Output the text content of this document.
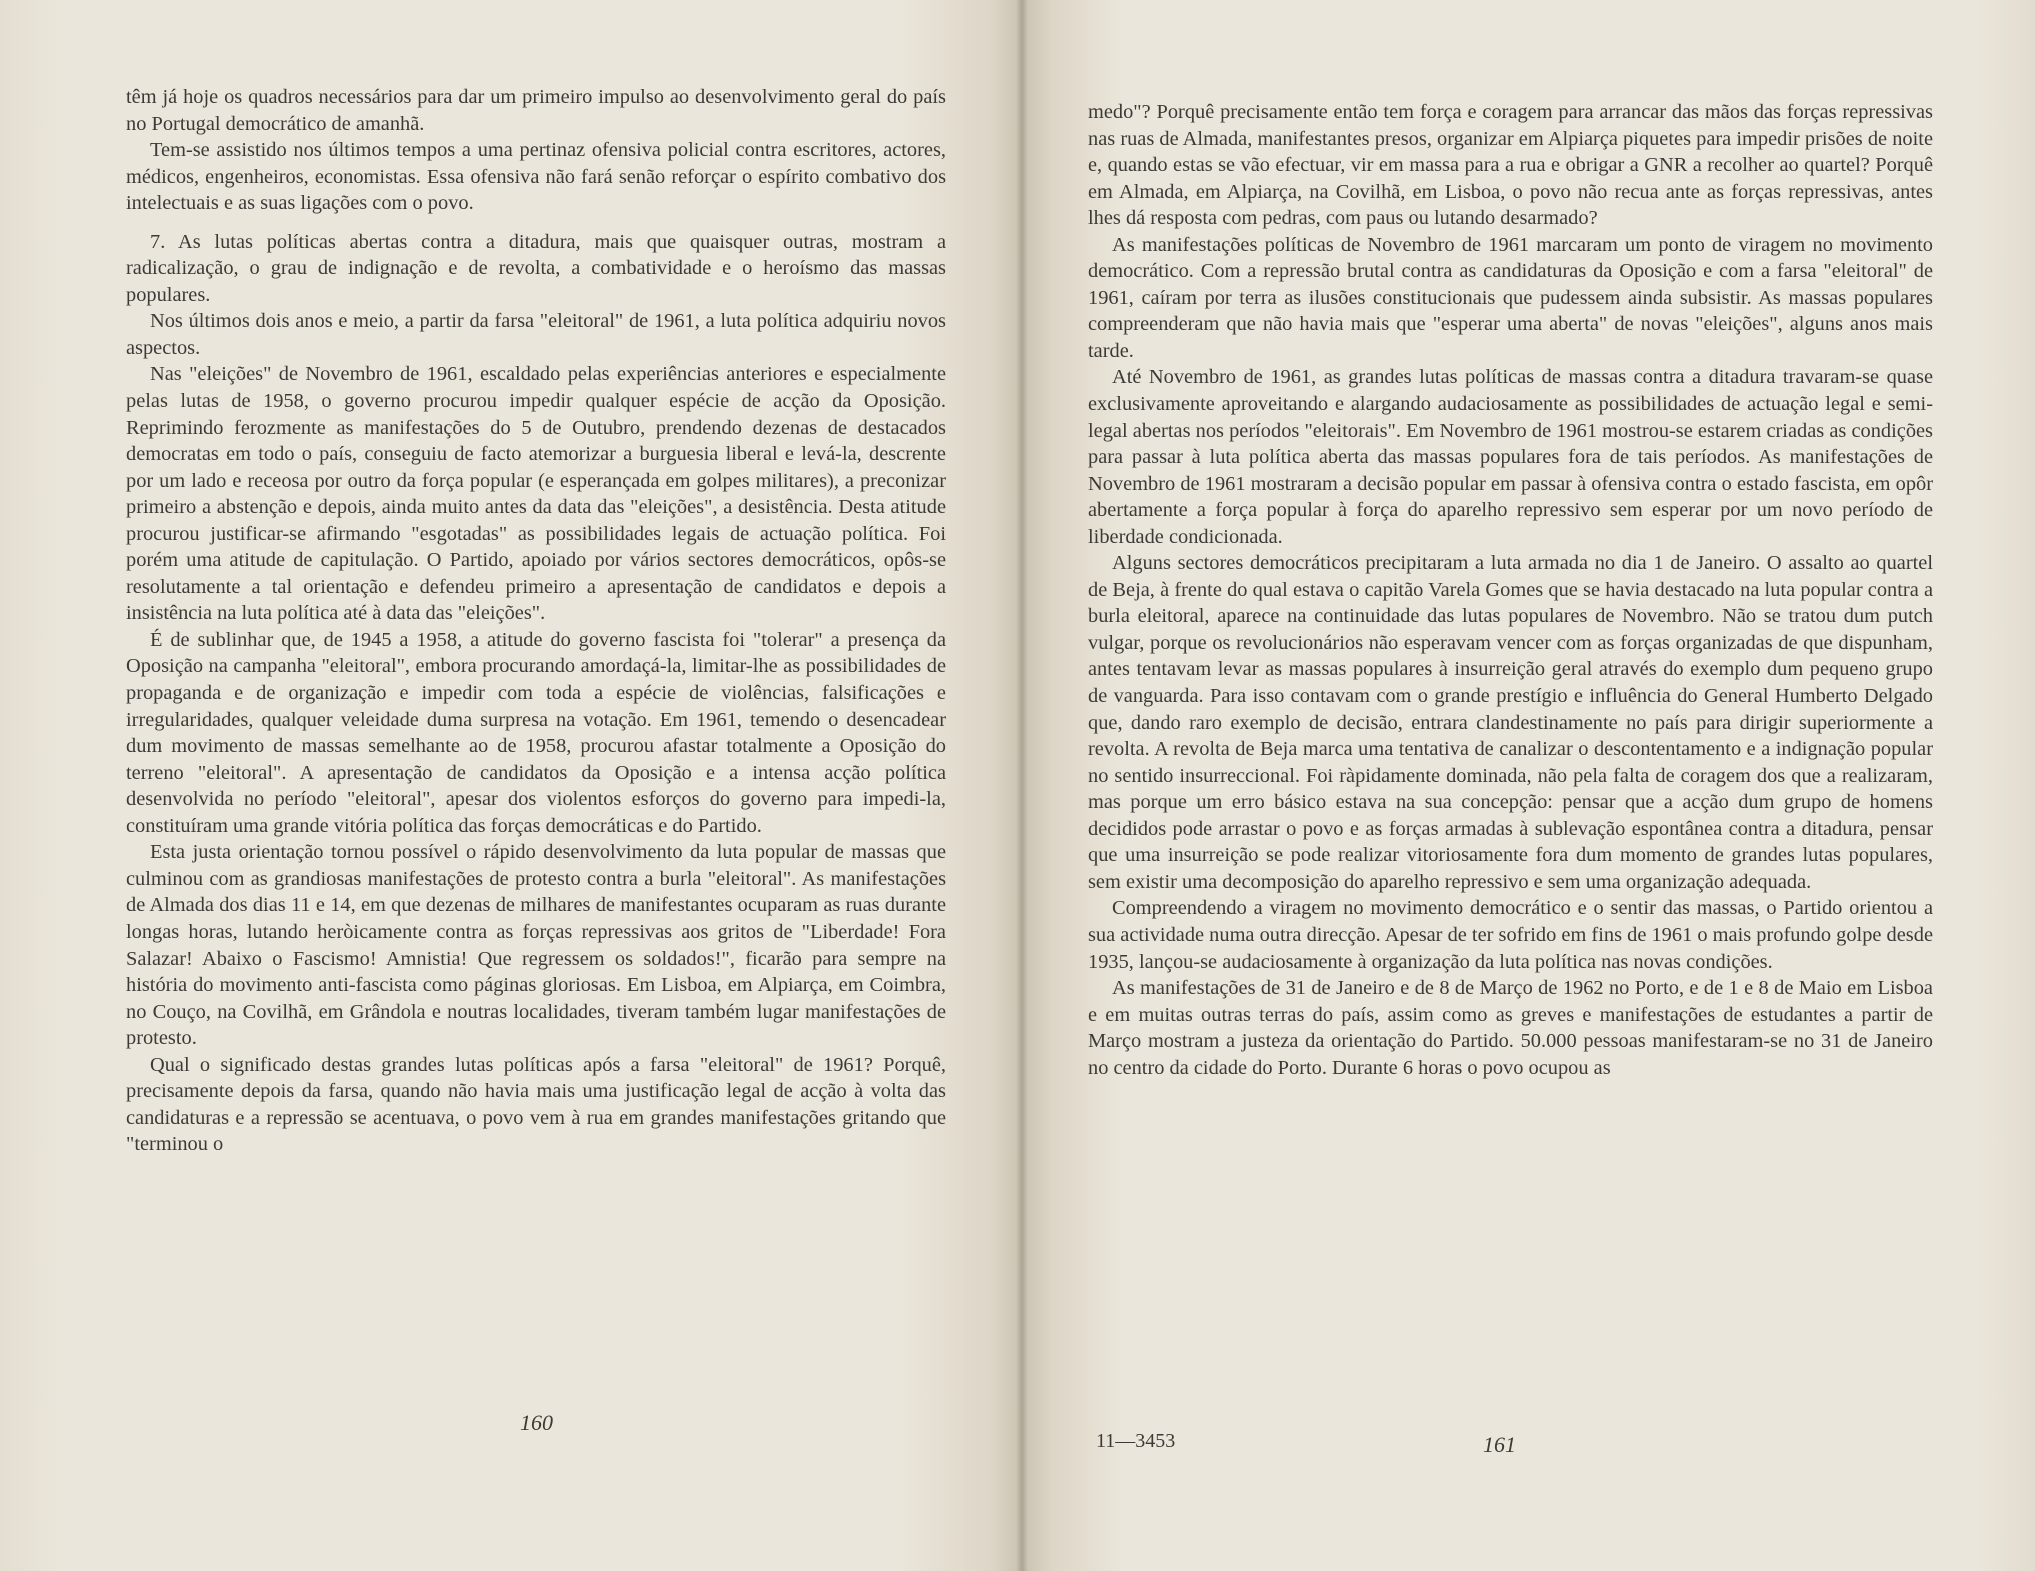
têm já hoje os quadros necessários para dar um primeiro impulso ao desenvolvimento geral do país no Portugal democrático de amanhã.

Tem-se assistido nos últimos tempos a uma pertinaz ofensiva policial contra escritores, actores, médicos, engenheiros, economistas. Essa ofensiva não fará senão reforçar o espírito combativo dos intelectuais e as suas ligações com o povo.

7. As lutas políticas abertas contra a ditadura, mais que quaisquer outras, mostram a radicalização, o grau de indignação e de revolta, a combatividade e o heroísmo das massas populares.

Nos últimos dois anos e meio, a partir da farsa "eleitoral" de 1961, a luta política adquiriu novos aspectos.

Nas "eleições" de Novembro de 1961, escaldado pelas experiências anteriores e especialmente pelas lutas de 1958, o governo procurou impedir qualquer espécie de acção da Oposição. Reprimindo ferozmente as manifestações do 5 de Outubro, prendendo dezenas de destacados democratas em todo o país, conseguiu de facto atemorizar a burguesia liberal e levá-la, descrente por um lado e receosa por outro da força popular (e esperançada em golpes militares), a preconizar primeiro a abstenção e depois, ainda muito antes da data das "eleições", a desistência. Desta atitude procurou justificar-se afirmando "esgotadas" as possibilidades legais de actuação política. Foi porém uma atitude de capitulação. O Partido, apoiado por vários sectores democráticos, opôs-se resolutamente a tal orientação e defendeu primeiro a apresentação de candidatos e depois a insistência na luta política até à data das "eleições".

É de sublinhar que, de 1945 a 1958, a atitude do governo fascista foi "tolerar" a presença da Oposição na campanha "eleitoral", embora procurando amordaçá-la, limitar-lhe as possibilidades de propaganda e de organização e impedir com toda a espécie de violências, falsificações e irregularidades, qualquer veleidade duma surpresa na votação. Em 1961, temendo o desencadear dum movimento de massas semelhante ao de 1958, procurou afastar totalmente a Oposição do terreno "eleitoral". A apresentação de candidatos da Oposição e a intensa acção política desenvolvida no período "eleitoral", apesar dos violentos esforços do governo para impedi-la, constituíram uma grande vitória política das forças democráticas e do Partido.

Esta justa orientação tornou possível o rápido desenvolvimento da luta popular de massas que culminou com as grandiosas manifestações de protesto contra a burla "eleitoral". As manifestações de Almada dos dias 11 e 14, em que dezenas de milhares de manifestantes ocuparam as ruas durante longas horas, lutando heròicamente contra as forças repressivas aos gritos de "Liberdade! Fora Salazar! Abaixo o Fascismo! Amnistia! Que regressem os soldados!", ficarão para sempre na história do movimento anti-fascista como páginas gloriosas. Em Lisboa, em Alpiarça, em Coimbra, no Couço, na Covilhã, em Grândola e noutras localidades, tiveram também lugar manifestações de protesto.

Qual o significado destas grandes lutas políticas após a farsa "eleitoral" de 1961? Porquê, precisamente depois da farsa, quando não havia mais uma justificação legal de acção à volta das candidaturas e a repressão se acentuava, o povo vem à rua em grandes manifestações gritando que "terminou o

160

medo"? Porquê precisamente então tem força e coragem para arrancar das mãos das forças repressivas nas ruas de Almada, manifestantes presos, organizar em Alpiarça piquetes para impedir prisões de noite e, quando estas se vão efectuar, vir em massa para a rua e obrigar a GNR a recolher ao quartel? Porquê em Almada, em Alpiarça, na Covilhã, em Lisboa, o povo não recua ante as forças repressivas, antes lhes dá resposta com pedras, com paus ou lutando desarmado?

As manifestações políticas de Novembro de 1961 marcaram um ponto de viragem no movimento democrático. Com a repressão brutal contra as candidaturas da Oposição e com a farsa "eleitoral" de 1961, caíram por terra as ilusões constitucionais que pudessem ainda subsistir. As massas populares compreenderam que não havia mais que "esperar uma aberta" de novas "eleições", alguns anos mais tarde.

Até Novembro de 1961, as grandes lutas políticas de massas contra a ditadura travaram-se quase exclusivamente aproveitando e alargando audaciosamente as possibilidades de actuação legal e semi-legal abertas nos períodos "eleitorais". Em Novembro de 1961 mostrou-se estarem criadas as condições para passar à luta política aberta das massas populares fora de tais períodos. As manifestações de Novembro de 1961 mostraram a decisão popular em passar à ofensiva contra o estado fascista, em opôr abertamente a força popular à força do aparelho repressivo sem esperar por um novo período de liberdade condicionada.

Alguns sectores democráticos precipitaram a luta armada no dia 1 de Janeiro. O assalto ao quartel de Beja, à frente do qual estava o capitão Varela Gomes que se havia destacado na luta popular contra a burla eleitoral, aparece na continuidade das lutas populares de Novembro. Não se tratou dum putch vulgar, porque os revolucionários não esperavam vencer com as forças organizadas de que dispunham, antes tentavam levar as massas populares à insurreição geral através do exemplo dum pequeno grupo de vanguarda. Para isso contavam com o grande prestígio e influência do General Humberto Delgado que, dando raro exemplo de decisão, entrara clandestinamente no país para dirigir superiormente a revolta. A revolta de Beja marca uma tentativa de canalizar o descontentamento e a indignação popular no sentido insurreccional. Foi ràpidamente dominada, não pela falta de coragem dos que a realizaram, mas porque um erro básico estava na sua concepção: pensar que a acção dum grupo de homens decididos pode arrastar o povo e as forças armadas à sublevação espontânea contra a ditadura, pensar que uma insurreição se pode realizar vitoriosamente fora dum momento de grandes lutas populares, sem existir uma decomposição do aparelho repressivo e sem uma organização adequada.

Compreendendo a viragem no movimento democrático e o sentir das massas, o Partido orientou a sua actividade numa outra direcção. Apesar de ter sofrido em fins de 1961 o mais profundo golpe desde 1935, lançou-se audaciosamente à organização da luta política nas novas condições.

As manifestações de 31 de Janeiro e de 8 de Março de 1962 no Porto, e de 1 e 8 de Maio em Lisboa e em muitas outras terras do país, assim como as greves e manifestações de estudantes a partir de Março mostram a justeza da orientação do Partido. 50.000 pessoas manifestaram-se no 31 de Janeiro no centro da cidade do Porto. Durante 6 horas o povo ocupou as

11—3453	161
